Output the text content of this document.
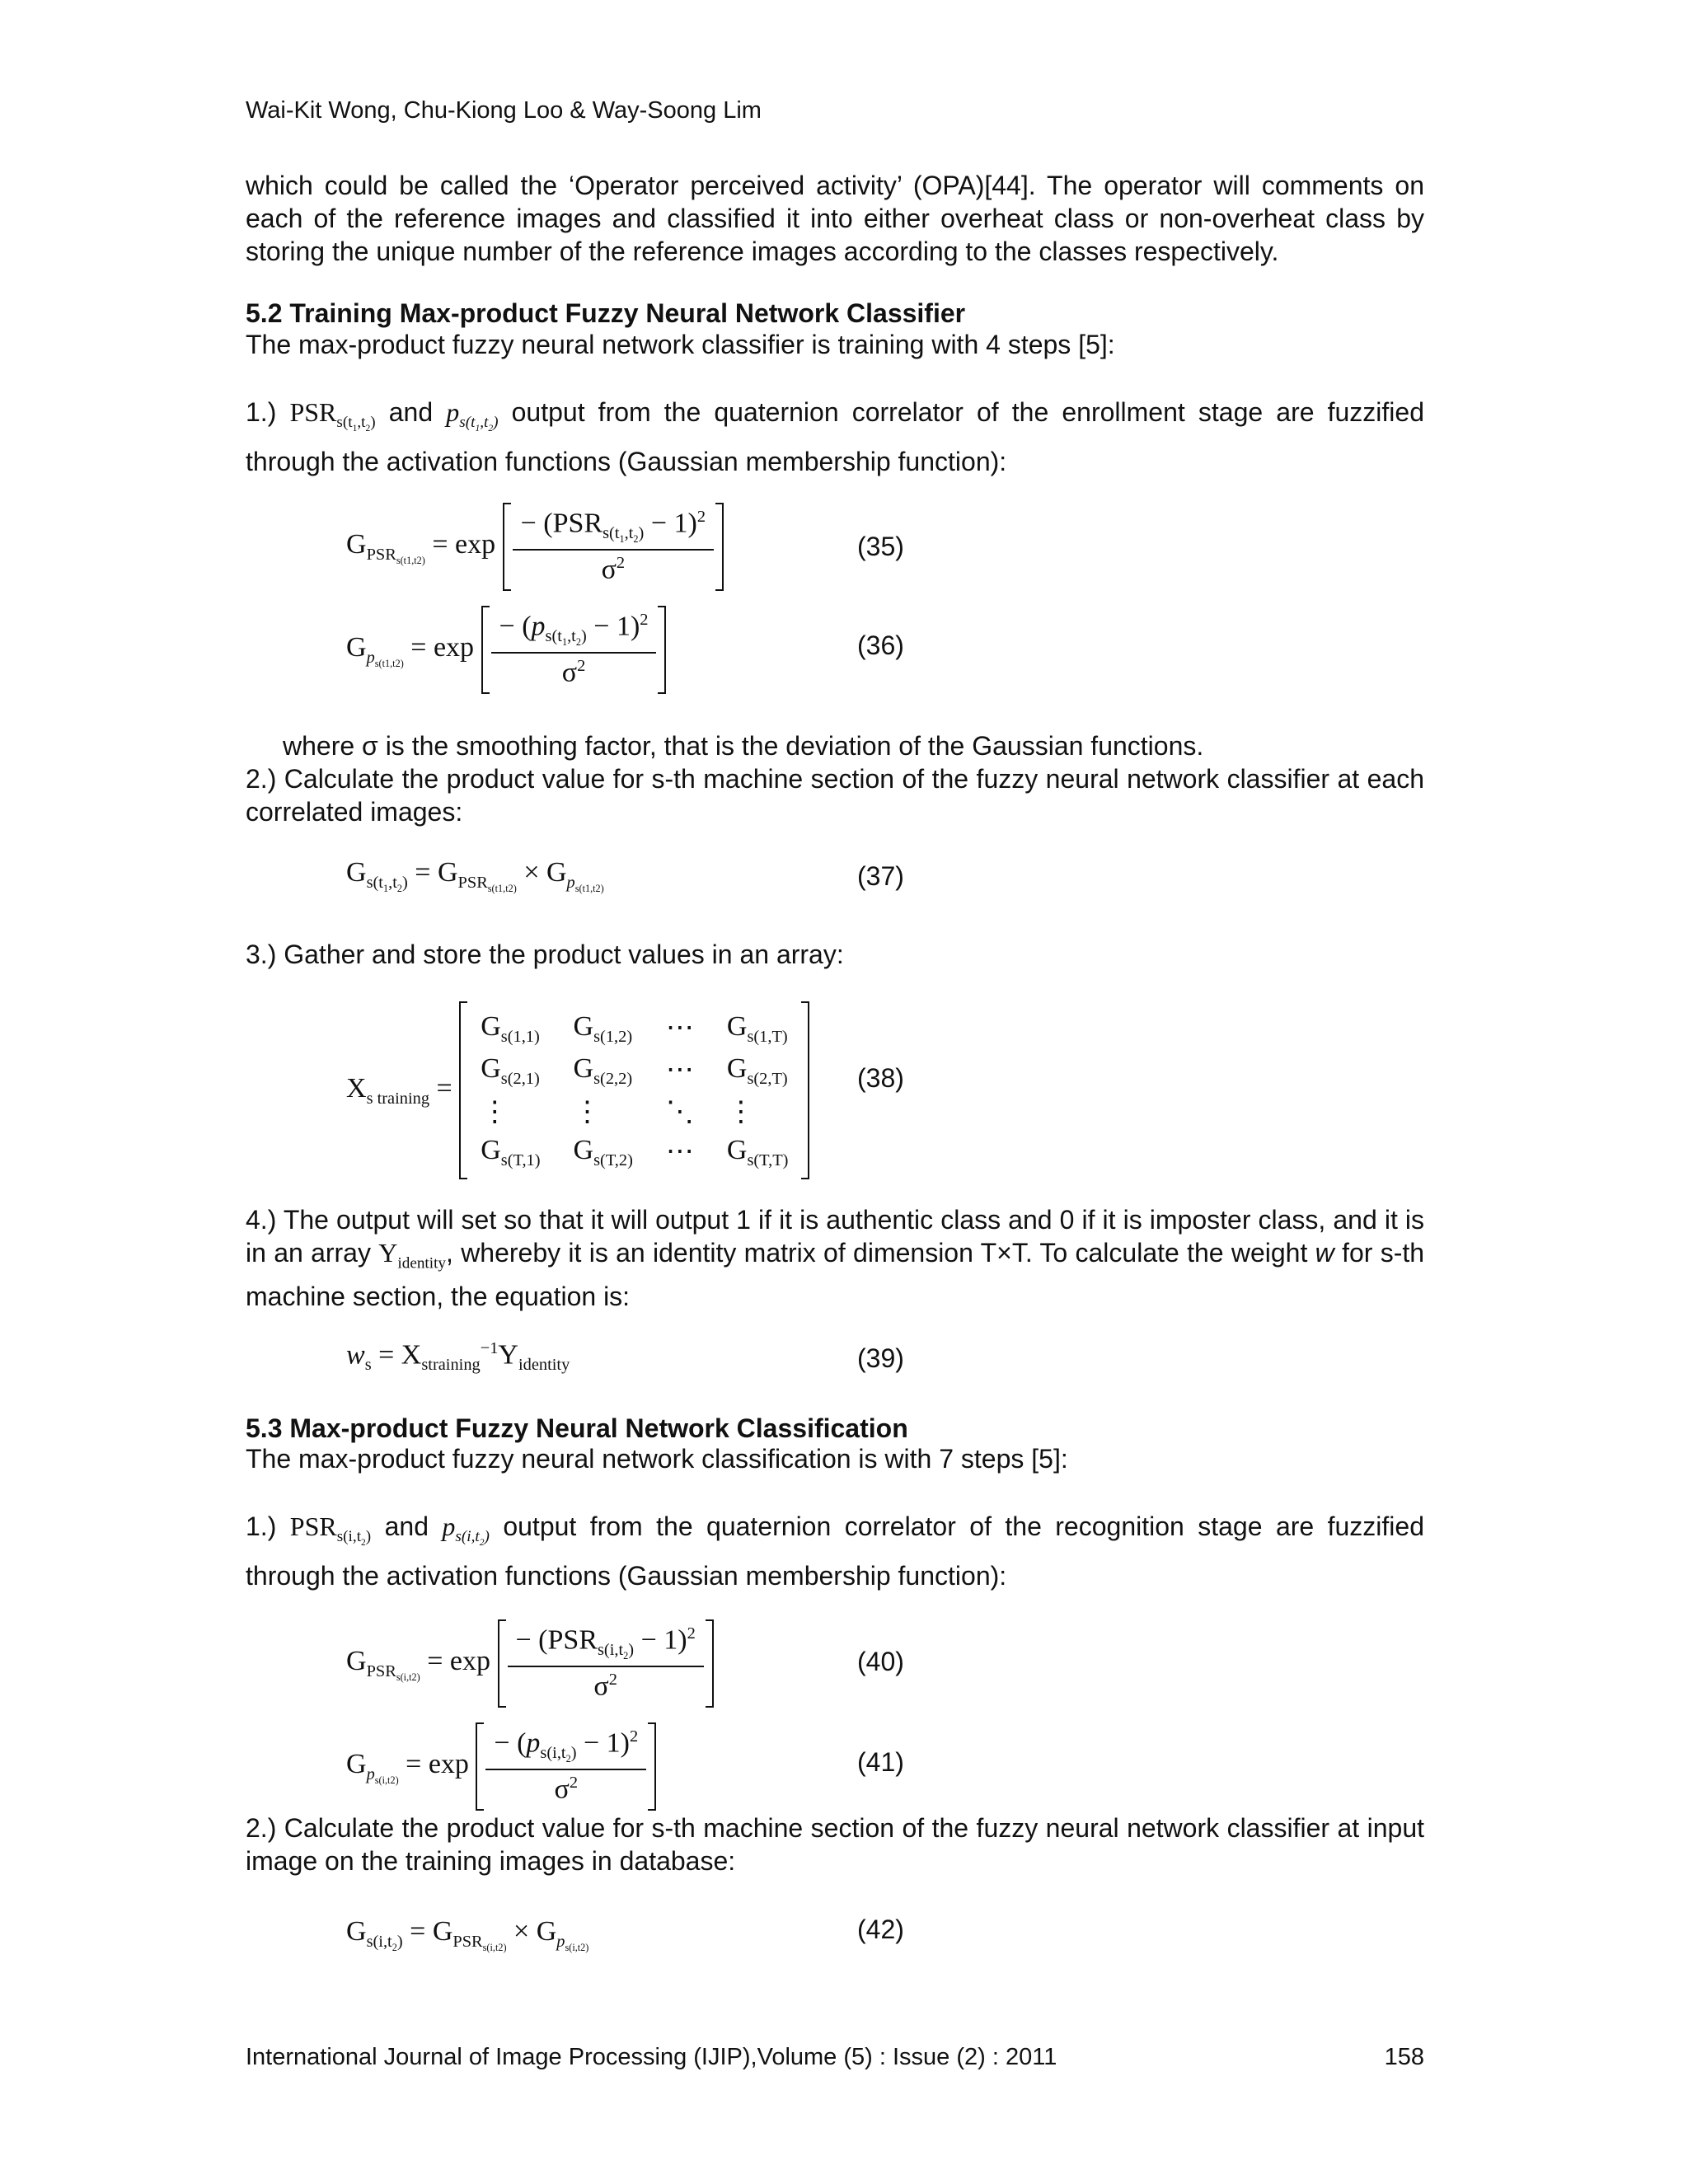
Wai-Kit Wong, Chu-Kiong Loo & Way-Soong Lim
which could be called the ‘Operator perceived activity’ (OPA)[44]. The operator will comments on each of the reference images and classified it into either overheat class or non-overheat class by storing the unique number of the reference images according to the classes respectively.
5.2 Training Max-product Fuzzy Neural Network Classifier
The max-product fuzzy neural network classifier is training with 4 steps [5]:
1.) $PSR_{s(t_1,t_2)}$ and $p_{s(t_1,t_2)}$ output from the quaternion correlator of the enrollment stage are fuzzified through the activation functions (Gaussian membership function):
$G_{PSR_{s(t1,t2)}} = \exp \frac{- (PSR_{s(t_1,t_2)} - 1)^2}{\sigma^2}$	(35)
$G_{p_{s(t1,t2)}} = \exp \frac{- (p_{s(t_1,t_2)} - 1)^2}{\sigma^2}$	(36)
where σ is the smoothing factor, that is the deviation of the Gaussian functions.
2.) Calculate the product value for s-th machine section of the fuzzy neural network classifier at each correlated images:
$G_{s(t_1,t_2)} = G_{PSR_{s(t1,t2)}} \times G_{p_{s(t1,t2)}}$	(37)
3.) Gather and store the product values in an array:
$X_{s training}$ =
$G_{s(1,1)}$ $G_{s(1,2)}$ ⋯ $G_{s(1,T)}$
$G_{s(2,1)}$ $G_{s(2,2)}$ ⋯ $G_{s(2,T)}$
⋮	⋮	⋱ ⋮
$G_{s(T,1)}$ $G_{s(T,2)}$ ⋯ $G_{s(T,T)}$
(38)
4.) The output will set so that it will output 1 if it is authentic class and 0 if it is imposter class, and it is in an array $Y_{identity}$, whereby it is an identity matrix of dimension T×T. To calculate the weight w for s-th machine section, the equation is:
$w_s = X_{straining}^{-1}Y_{identity}$	(39)
5.3 Max-product Fuzzy Neural Network Classification
The max-product fuzzy neural network classification is with 7 steps [5]:
1.) $PSR_{s(i,t_2)}$ and $p_{s(i,t_2)}$ output from the quaternion correlator of the recognition stage are fuzzified through the activation functions (Gaussian membership function):
$G_{PSR_{s(i,t2)}} = \exp \frac{- (PSR_{s(i,t_2)} - 1)^2}{\sigma^2}$	(40)
$G_{p_{s(i,t2)}} = \exp \frac{- (p_{s(i,t_2)} - 1)^2}{\sigma^2}$	(41)
2.) Calculate the product value for s-th machine section of the fuzzy neural network classifier at input image on the training images in database:
$G_{s(i,t_2)} = G_{PSR_{s(i,t2)}} \times G_{p_{s(i,t2)}}$
(42)
International Journal of Image Processing (IJIP),Volume (5) : Issue (2) : 2011	158
